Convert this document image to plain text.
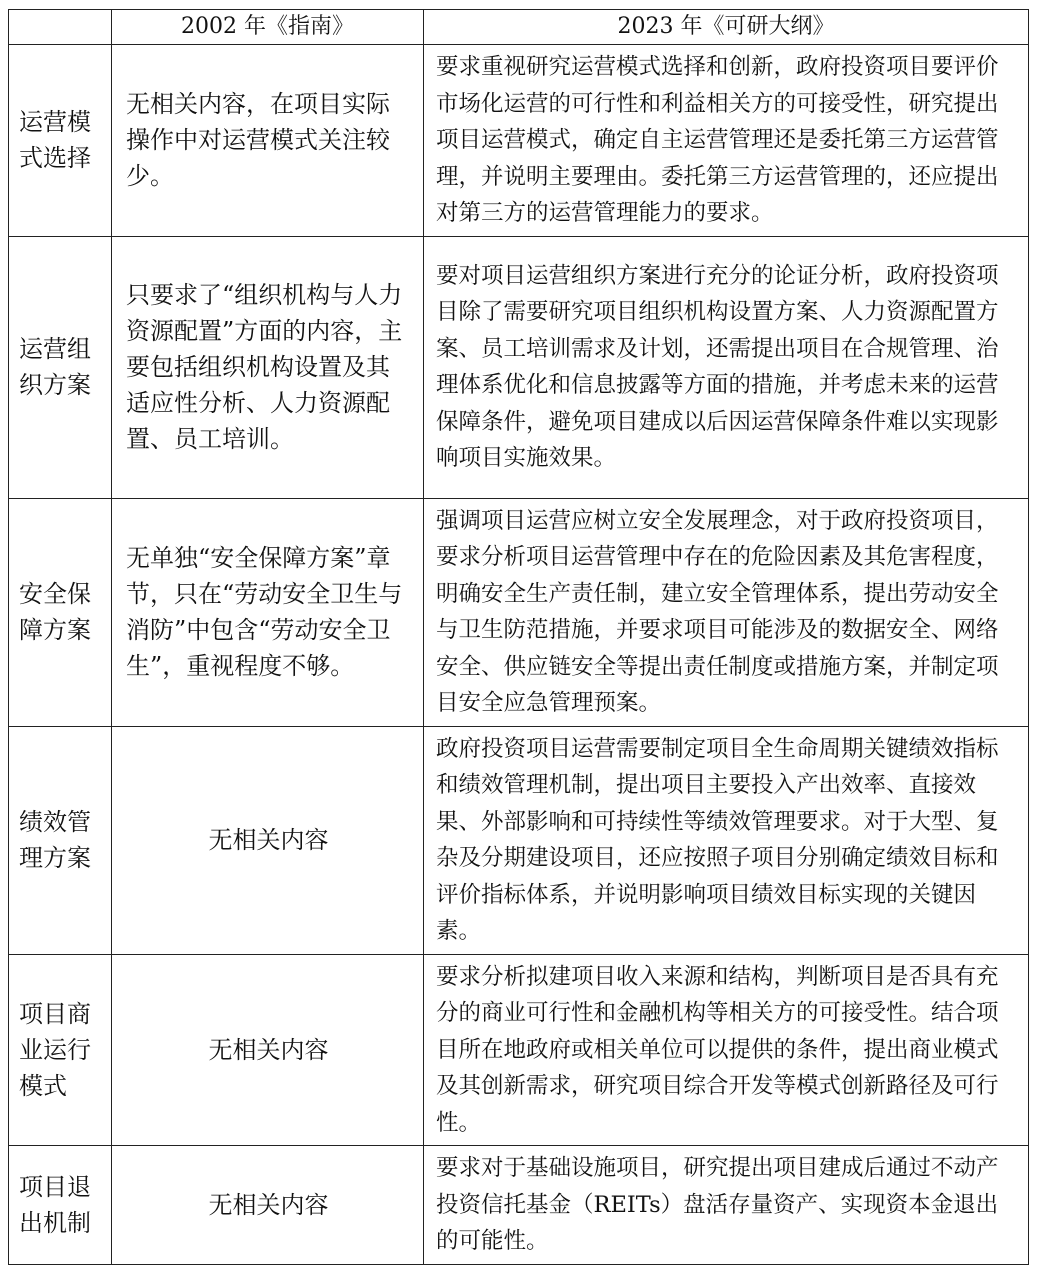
	2002 年《指南》	2023 年《可研大纲》

运营模式选择	无相关内容，在项目实际操作中对运营模式关注较少。	要求重视研究运营模式选择和创新，政府投资项目要评价市场化运营的可行性和利益相关方的可接受性，研究提出项目运营模式，确定自主运营管理还是委托第三方运营管理，并说明主要理由。委托第三方运营管理的，还应提出对第三方的运营管理能力的要求。

运营组织方案	只要求了“组织机构与人力资源配置”方面的内容，主要包括组织机构设置及其适应性分析、人力资源配置、员工培训。	要对项目运营组织方案进行充分的论证分析，政府投资项目除了需要研究项目组织机构设置方案、人力资源配置方案、员工培训需求及计划，还需提出项目在合规管理、治理体系优化和信息披露等方面的措施，并考虑未来的运营保障条件，避免项目建成以后因运营保障条件难以实现影响项目实施效果。

安全保障方案	无单独“安全保障方案”章节，只在“劳动安全卫生与消防”中包含“劳动安全卫生”，重视程度不够。	强调项目运营应树立安全发展理念，对于政府投资项目，要求分析项目运营管理中存在的危险因素及其危害程度，明确安全生产责任制，建立安全管理体系，提出劳动安全与卫生防范措施，并要求项目可能涉及的数据安全、网络安全、供应链安全等提出责任制度或措施方案，并制定项目安全应急管理预案。

绩效管理方案	无相关内容	政府投资项目运营需要制定项目全生命周期关键绩效指标和绩效管理机制，提出项目主要投入产出效率、直接效果、外部影响和可持续性等绩效管理要求。对于大型、复杂及分期建设项目，还应按照子项目分别确定绩效目标和评价指标体系，并说明影响项目绩效目标实现的关键因素。

项目商业运行模式	无相关内容	要求分析拟建项目收入来源和结构，判断项目是否具有充分的商业可行性和金融机构等相关方的可接受性。结合项目所在地政府或相关单位可以提供的条件，提出商业模式及其创新需求，研究项目综合开发等模式创新路径及可行性。

项目退出机制	无相关内容	要求对于基础设施项目，研究提出项目建成后通过不动产投资信托基金（REITs）盘活存量资产、实现资本金退出的可能性。
